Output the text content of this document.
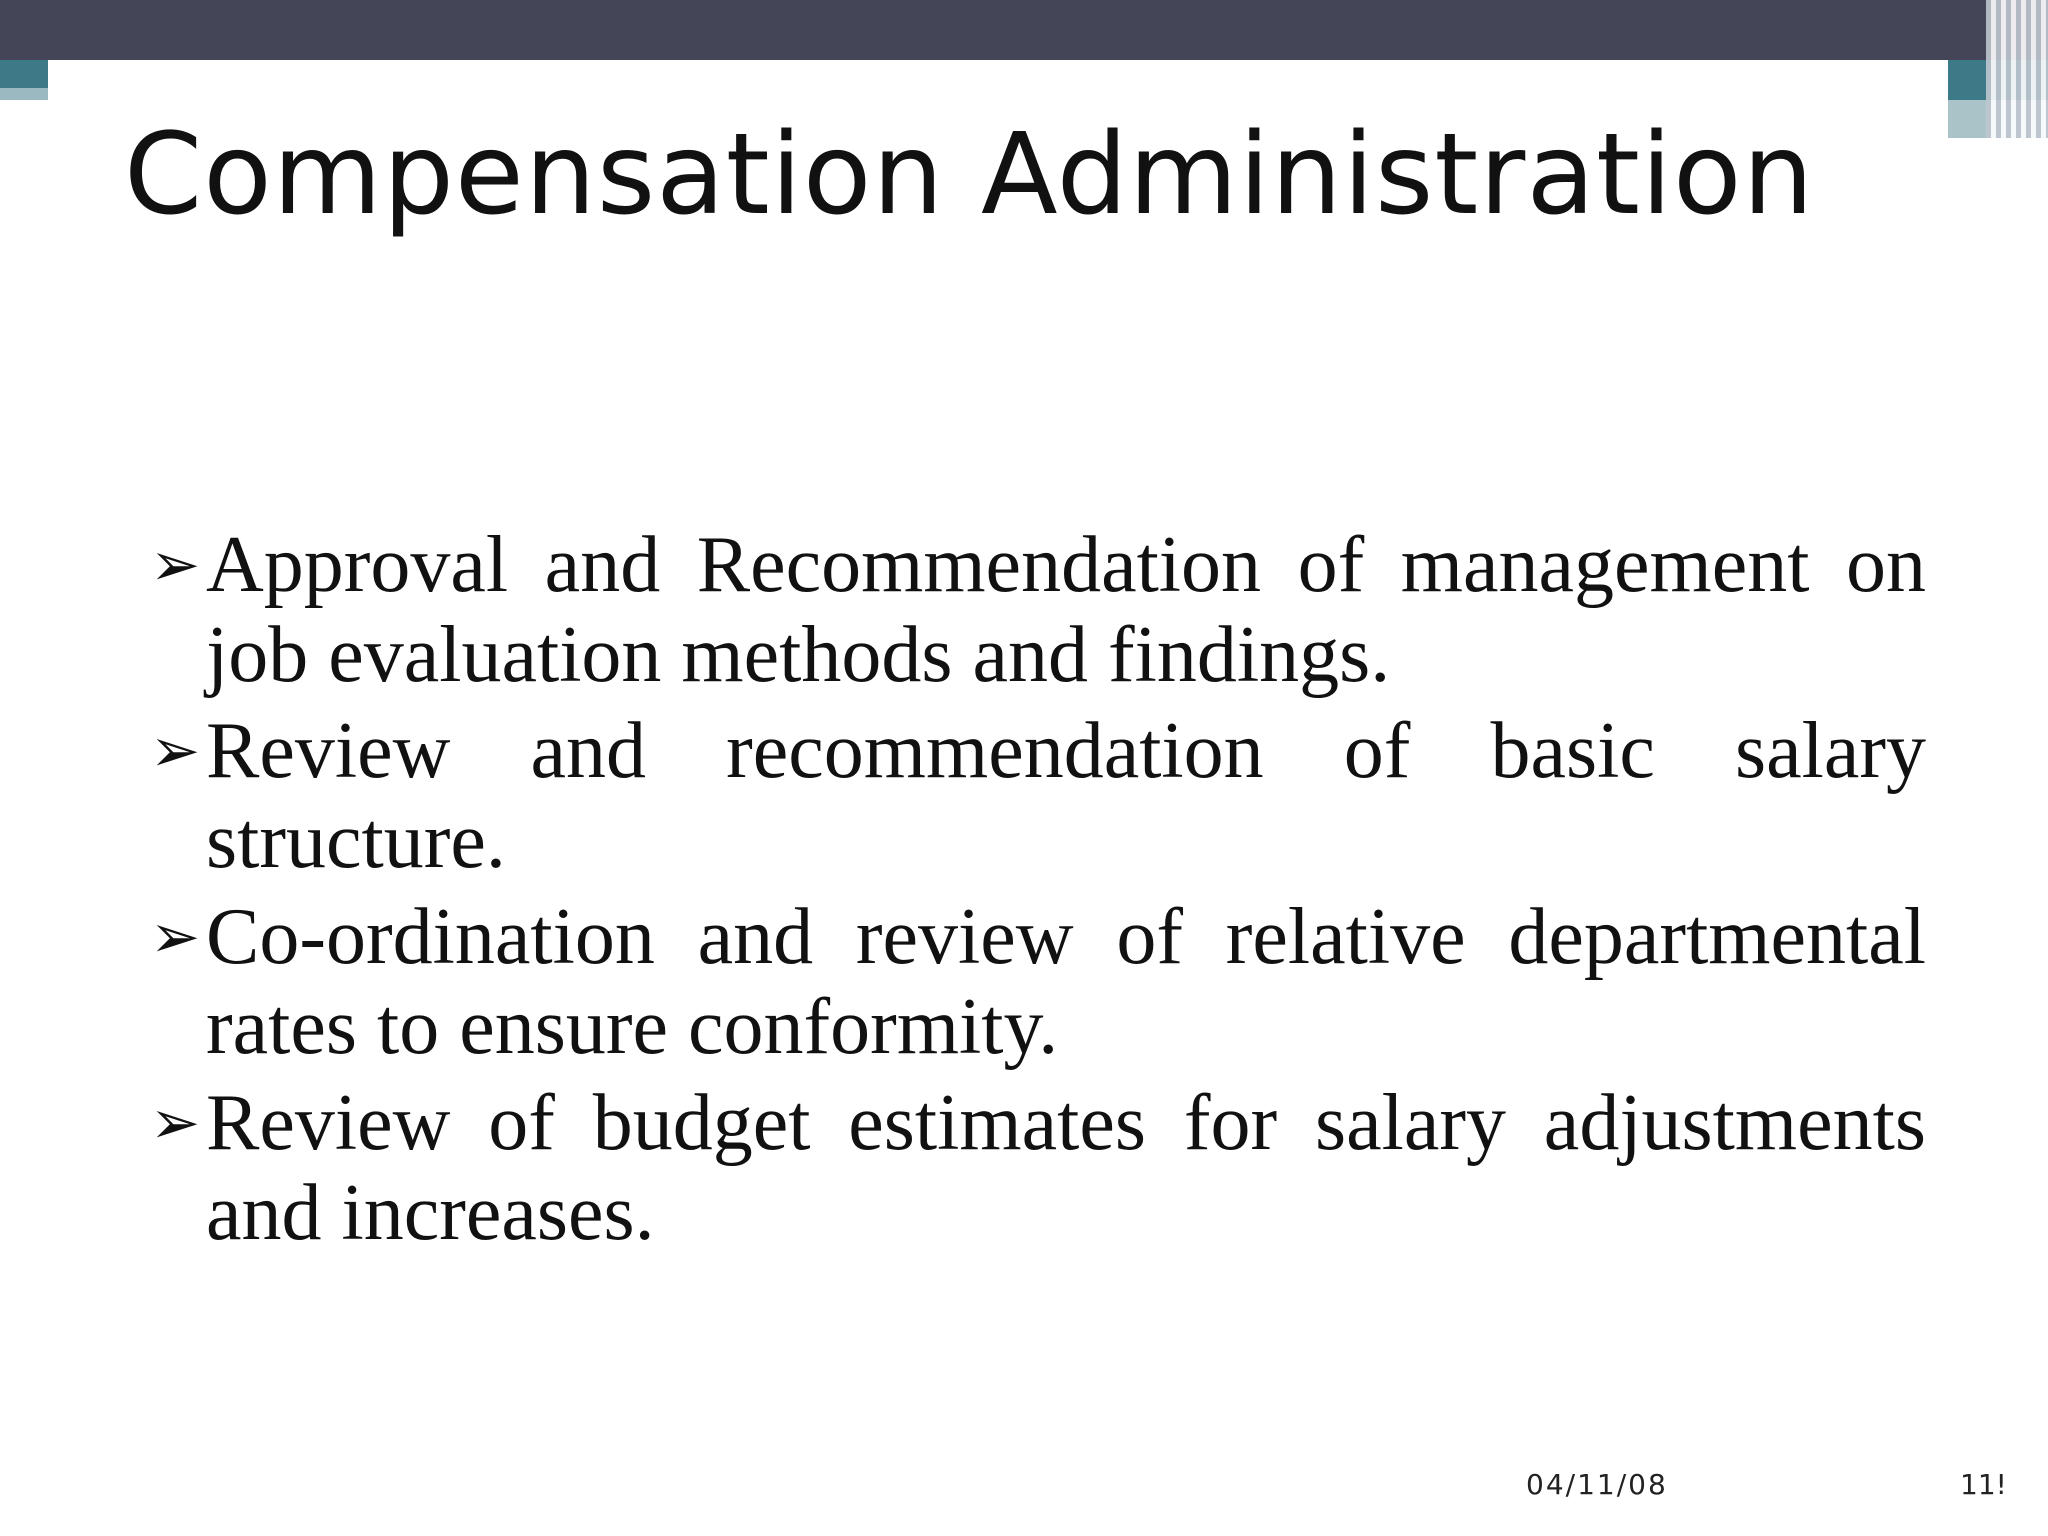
Compensation Administration
➢ Approval and Recommendation of management on job evaluation methods and findings.
➢ Review and recommendation of basic salary structure.
➢ Co-ordination and review of relative departmental rates to ensure conformity.
➢ Review of budget estimates for salary adjustments and increases.
04/11/08	11!
